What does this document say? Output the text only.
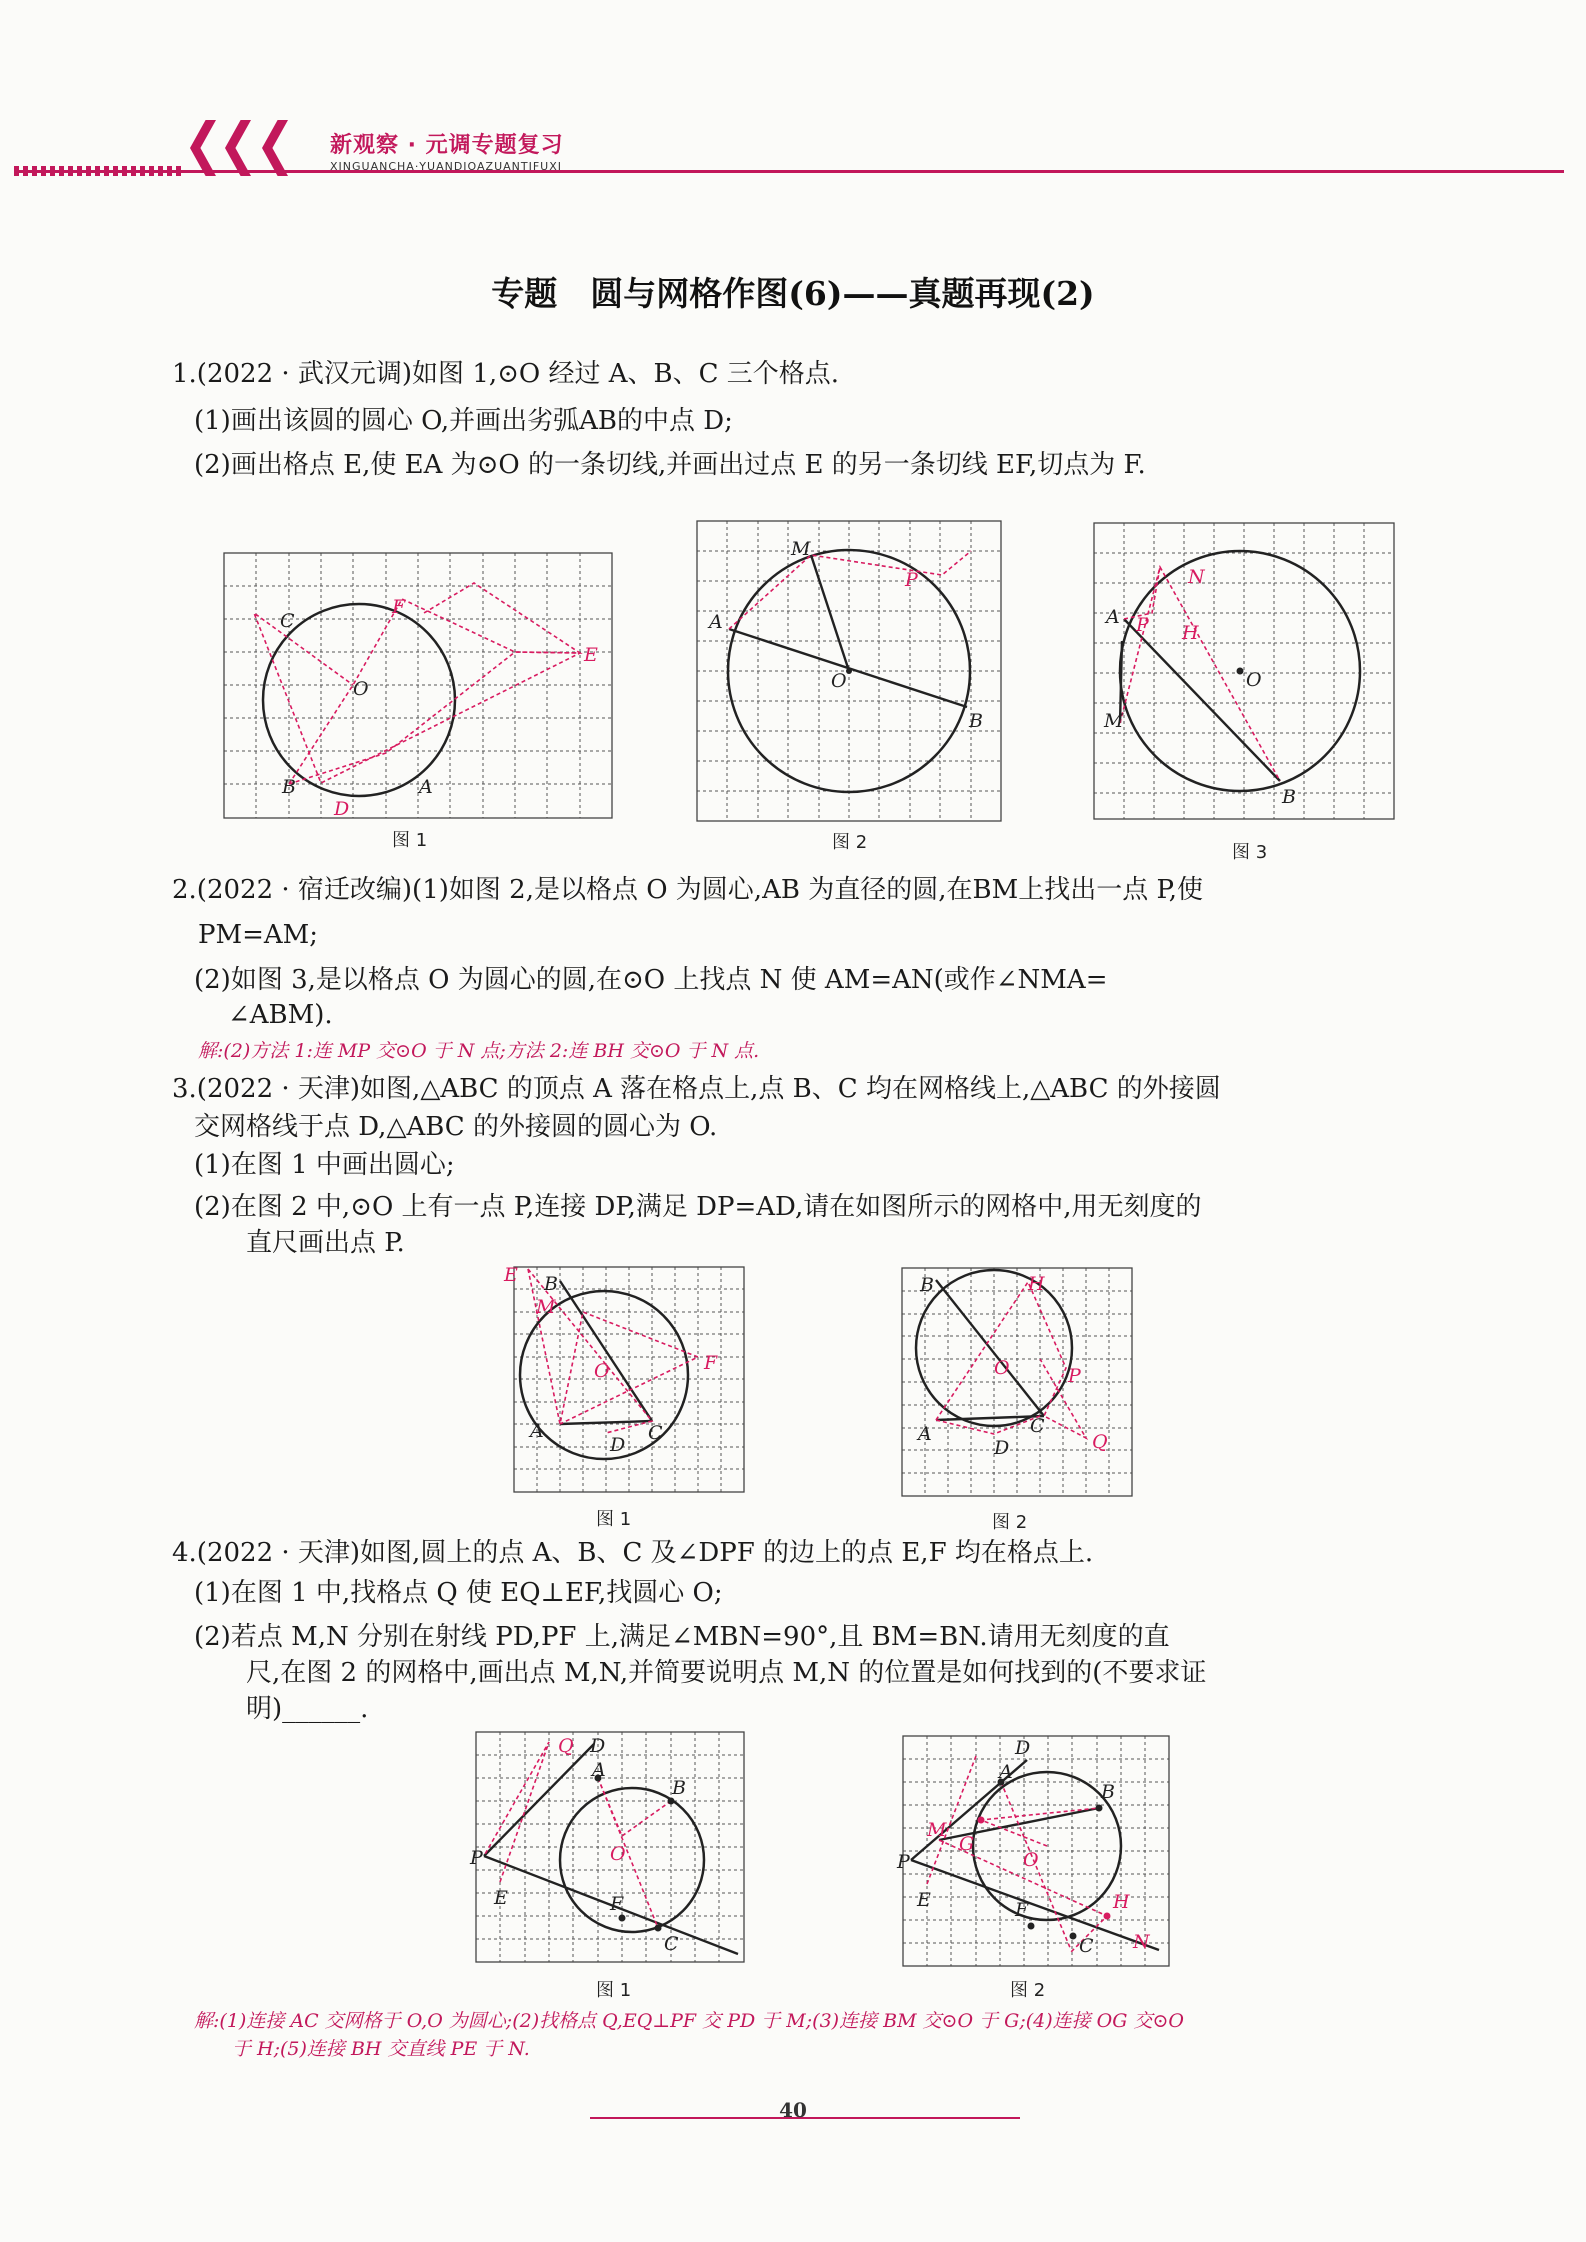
新观察 · 元调专题复习
XINGUANCHA·YUANDIOAZUANTIFUXI
专题　圆与网格作图(6)——真题再现(2)
1.(2022 · 武汉元调)如图 1,⊙O 经过 A、B、C 三个格点.
(1)画出该圆的圆心 O,并画出劣弧AB的中点 D;
(2)画出格点 E,使 EA 为⊙O 的一条切线,并画出过点 E 的另一条切线 EF,切点为 F.
C
B	A
O
D
F
E
图 1
M
A
O
B
P
图 2
A
M
O
B
P H
N
图 3
2.(2022 · 宿迁改编)(1)如图 2,是以格点 O 为圆心,AB 为直径的圆,在BM上找出一点 P,使
PM=AM;
(2)如图 3,是以格点 O 为圆心的圆,在⊙O 上找点 N 使 AM=AN(或作∠NMA=
∠ABM).
解:(2)方法 1:连 MP 交⊙O 于 N 点;方法 2:连 BH 交⊙O 于 N 点.
3.(2022 · 天津)如图,△ABC 的顶点 A 落在格点上,点 B、C 均在网格线上,△ABC 的外接圆
交网格线于点 D,△ABC 的外接圆的圆心为 O.
(1)在图 1 中画出圆心;
(2)在图 2 中,⊙O 上有一点 P,连接 DP,满足 DP=AD,请在如图所示的网格中,用无刻度的
直尺画出点 P.
B
A	C
D
O
M
E
F
图 1
B
A
D
C
O
H
P
Q
图 2
4.(2022 · 天津)如图,圆上的点 A、B、C 及∠DPF 的边上的点 E,F 均在格点上.
(1)在图 1 中,找格点 Q 使 EQ⊥EF,找圆心 O;
(2)若点 M,N 分别在射线 PD,PF 上,满足∠MBN=90°,且 BM=BN.请用无刻度的直
尺,在图 2 的网格中,画出点 M,N,并简要说明点 M,N 的位置是如何找到的(不要求证
明)______.
D
A
B
P
E	F
C
Q
O
图 1
D
A
B
P
E	F
C
M
G
O
H
N
图 2
解:(1)连接 AC 交网格于 O,O 为圆心;(2)找格点 Q,EQ⊥PF 交 PD 于 M;(3)连接 BM 交⊙O 于 G;(4)连接 OG 交⊙O
于 H;(5)连接 BH 交直线 PE 于 N.
40
